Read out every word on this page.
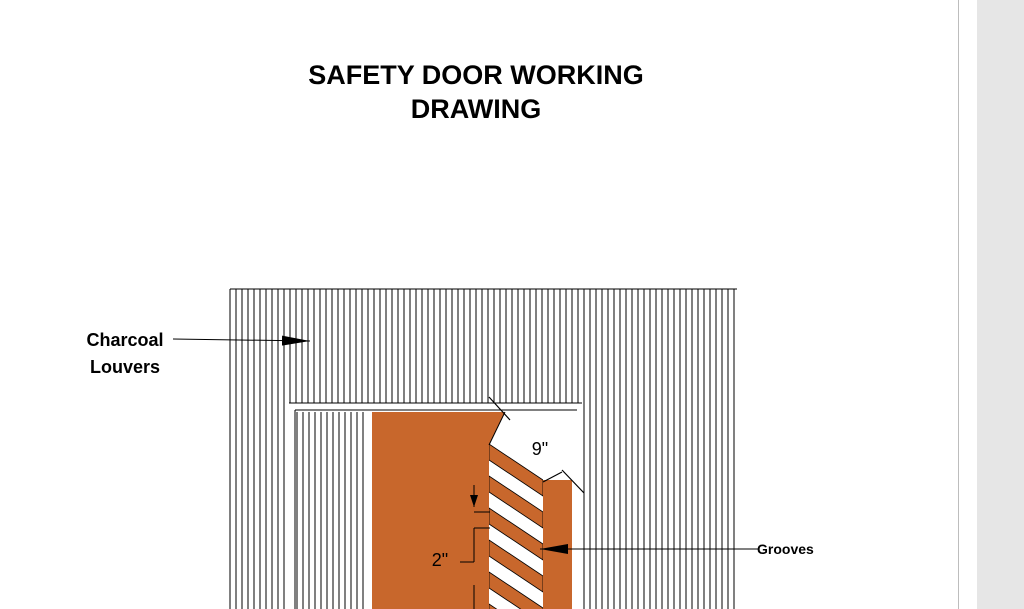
SAFETY DOOR WORKING
DRAWING
9"
2"
Charcoal
Louvers
Grooves
